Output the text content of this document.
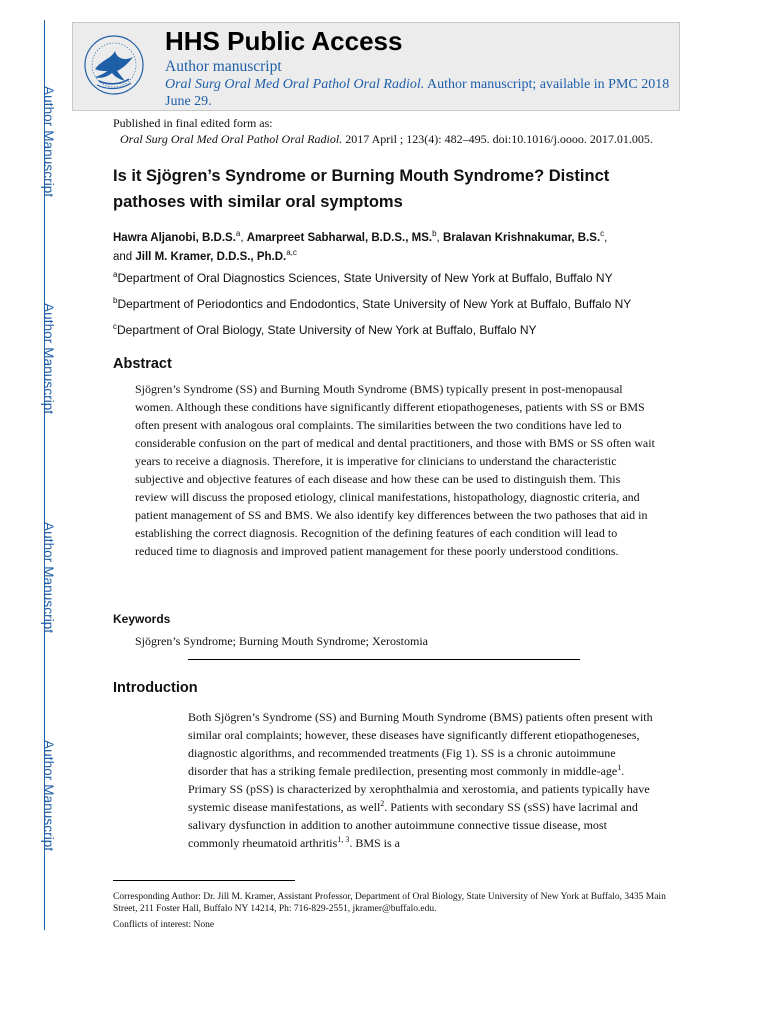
Author Manuscript
Author Manuscript
Author Manuscript
Author Manuscript
HHS Public Access
Author manuscript
Oral Surg Oral Med Oral Pathol Oral Radiol. Author manuscript; available in PMC 2018 June 29.
Published in final edited form as:
Oral Surg Oral Med Oral Pathol Oral Radiol. 2017 April ; 123(4): 482–495. doi:10.1016/j.oooo. 2017.01.005.
Is it Sjögren’s Syndrome or Burning Mouth Syndrome? Distinct pathoses with similar oral symptoms
Hawra Aljanobi, B.D.S.$^a$, Amarpreet Sabharwal, B.D.S., MS.$^b$, Bralavan Krishnakumar, B.S.$^c$,
and Jill M. Kramer, D.D.S., Ph.D.$^{a,c}$
$^a$Department of Oral Diagnostics Sciences, State University of New York at Buffalo, Buffalo NY
$^b$Department of Periodontics and Endodontics, State University of New York at Buffalo, Buffalo NY
$^c$Department of Oral Biology, State University of New York at Buffalo, Buffalo NY
Abstract
Sjögren’s Syndrome (SS) and Burning Mouth Syndrome (BMS) typically present in post-menopausal women. Although these conditions have significantly different etiopathogeneses, patients with SS or BMS often present with analogous oral complaints. The similarities between the two conditions have led to considerable confusion on the part of medical and dental practitioners, and those with BMS or SS often wait years to receive a diagnosis. Therefore, it is imperative for clinicians to understand the characteristic subjective and objective features of each disease and how these can be used to distinguish them. This review will discuss the proposed etiology, clinical manifestations, histopathology, diagnostic criteria, and patient management of SS and BMS. We also identify key differences between the two pathoses that aid in establishing the correct diagnosis. Recognition of the defining features of each condition will lead to reduced time to diagnosis and improved patient management for these poorly understood conditions.
Keywords
Sjögren’s Syndrome; Burning Mouth Syndrome; Xerostomia
Introduction
Both Sjögren’s Syndrome (SS) and Burning Mouth Syndrome (BMS) patients often present with similar oral complaints; however, these diseases have significantly different etiopathogeneses, diagnostic algorithms, and recommended treatments (Fig 1). SS is a chronic autoimmune disorder that has a striking female predilection, presenting most commonly in middle-age$^1$. Primary SS (pSS) is characterized by xerophthalmia and xerostomia, and patients typically have systemic disease manifestations, as well$^2$. Patients with secondary SS (sSS) have lacrimal and salivary dysfunction in addition to another autoimmune connective tissue disease, most commonly rheumatoid arthritis$^{1, 3}$. BMS is a
Corresponding Author: Dr. Jill M. Kramer, Assistant Professor, Department of Oral Biology, State University of New York at Buffalo, 3435 Main Street, 211 Foster Hall, Buffalo NY 14214, Ph: 716-829-2551, jkramer@buffalo.edu.
Conflicts of interest: None
